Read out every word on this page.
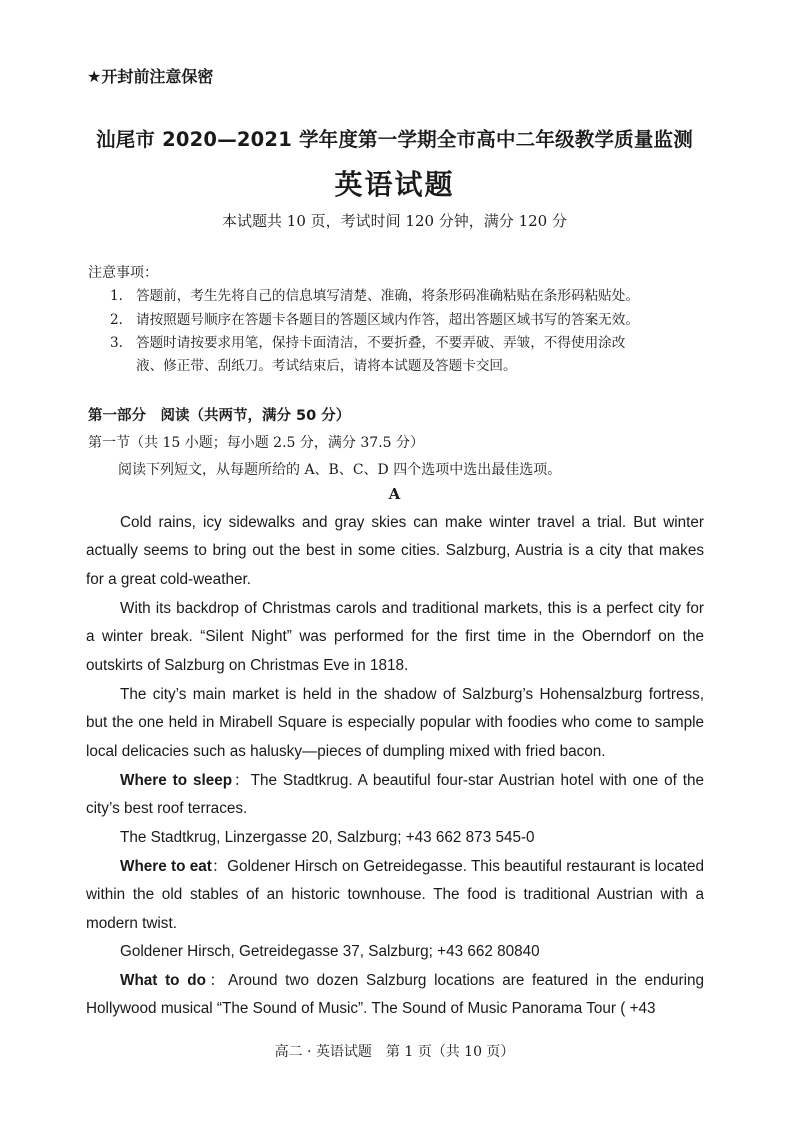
★开封前注意保密
汕尾市 2020—2021 学年度第一学期全市高中二年级教学质量监测
英语试题
本试题共 10 页，考试时间 120 分钟，满分 120 分
注意事项：
1. 答题前，考生先将自己的信息填写清楚、准确，将条形码准确粘贴在条形码粘贴处。
2. 请按照题号顺序在答题卡各题目的答题区域内作答，超出答题区域书写的答案无效。
3. 答题时请按要求用笔，保持卡面清洁，不要折叠，不要弄破、弄皱，不得使用涂改
液、修正带、刮纸刀。考试结束后，请将本试题及答题卡交回。
第一部分　阅读（共两节，满分 50 分）
第一节（共 15 小题；每小题 2.5 分，满分 37.5 分）
阅读下列短文，从每题所给的 A、B、C、D 四个选项中选出最佳选项。
A
Cold rains, icy sidewalks and gray skies can make winter travel a trial. But winter actually seems to bring out the best in some cities. Salzburg, Austria is a city that makes for a great cold-weather.
With its backdrop of Christmas carols and traditional markets, this is a perfect city for a winter break. “Silent Night” was performed for the first time in the Oberndorf on the outskirts of Salzburg on Christmas Eve in 1818.
The city’s main market is held in the shadow of Salzburg’s Hohensalzburg fortress, but the one held in Mirabell Square is especially popular with foodies who come to sample local delicacies such as halusky—pieces of dumpling mixed with fried bacon.
Where to sleep：The Stadtkrug. A beautiful four-star Austrian hotel with one of the city’s best roof terraces.
The Stadtkrug, Linzergasse 20, Salzburg; +43 662 873 545-0
Where to eat：Goldener Hirsch on Getreidegasse. This beautiful restaurant is located within the old stables of an historic townhouse. The food is traditional Austrian with a modern twist.
Goldener Hirsch, Getreidegasse 37, Salzburg; +43 662 80840
What to do：Around two dozen Salzburg locations are featured in the enduring Hollywood musical “The Sound of Music”. The Sound of Music Panorama Tour ( +43
高二 · 英语试题　第 1 页（共 10 页）
